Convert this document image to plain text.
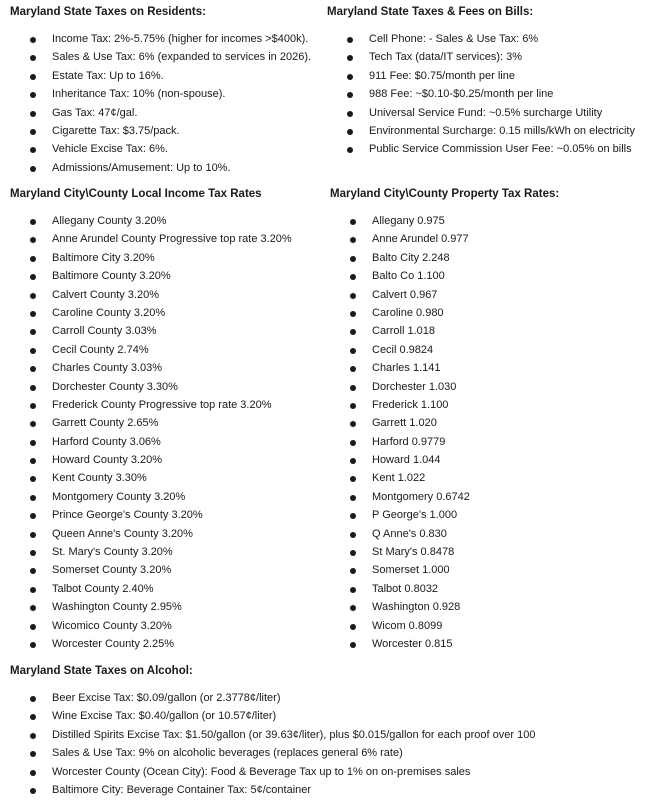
Maryland State Taxes on Residents:

Income Tax: 2%-5.75% (higher for incomes >$400k).
Sales & Use Tax: 6% (expanded to services in 2026).
Estate Tax: Up to 16%.
Inheritance Tax: 10% (non-spouse).
Gas Tax: 47¢/gal.
Cigarette Tax: $3.75/pack.
Vehicle Excise Tax: 6%.
Admissions/Amusement: Up to 10%.

Maryland State Taxes & Fees on Bills:

Cell Phone: - Sales & Use Tax: 6%
Tech Tax (data/IT services): 3%
911 Fee: $0.75/month per line
988 Fee: ~$0.10-$0.25/month per line
Universal Service Fund: ~0.5% surcharge Utility
Environmental Surcharge: 0.15 mills/kWh on electricity
Public Service Commission User Fee: ~0.05% on bills

Maryland City\County Local Income Tax Rates

Allegany County 3.20%
Anne Arundel County Progressive top rate 3.20%
Baltimore City 3.20%
Baltimore County 3.20%
Calvert County 3.20%
Caroline County 3.20%
Carroll County 3.03%
Cecil County 2.74%
Charles County 3.03%
Dorchester County 3.30%
Frederick County Progressive top rate 3.20%
Garrett County 2.65%
Harford County 3.06%
Howard County 3.20%
Kent County 3.30%
Montgomery County 3.20%
Prince George's County 3.20%
Queen Anne's County 3.20%
St. Mary's County 3.20%
Somerset County 3.20%
Talbot County 2.40%
Washington County 2.95%
Wicomico County 3.20%
Worcester County 2.25%

Maryland City\County Property Tax Rates:

Allegany 0.975
Anne Arundel 0.977
Balto City 2.248
Balto Co 1.100
Calvert 0.967
Caroline 0.980
Carroll 1.018
Cecil 0.9824
Charles 1.141
Dorchester 1.030
Frederick 1.100
Garrett 1.020
Harford 0.9779
Howard 1.044
Kent 1.022
Montgomery 0.6742
P George's 1.000
Q Anne's 0.830
St Mary's 0.8478
Somerset 1.000
Talbot 0.8032
Washington 0.928
Wicom 0.8099
Worcester 0.815

Maryland State Taxes on Alcohol:

Beer Excise Tax: $0.09/gallon (or 2.3778¢/liter)
Wine Excise Tax: $0.40/gallon (or 10.57¢/liter)
Distilled Spirits Excise Tax: $1.50/gallon (or 39.63¢/liter), plus $0.015/gallon for each proof over 100
Sales & Use Tax: 9% on alcoholic beverages (replaces general 6% rate)
Worcester County (Ocean City): Food & Beverage Tax up to 1% on on-premises sales
Baltimore City: Beverage Container Tax: 5¢/container
